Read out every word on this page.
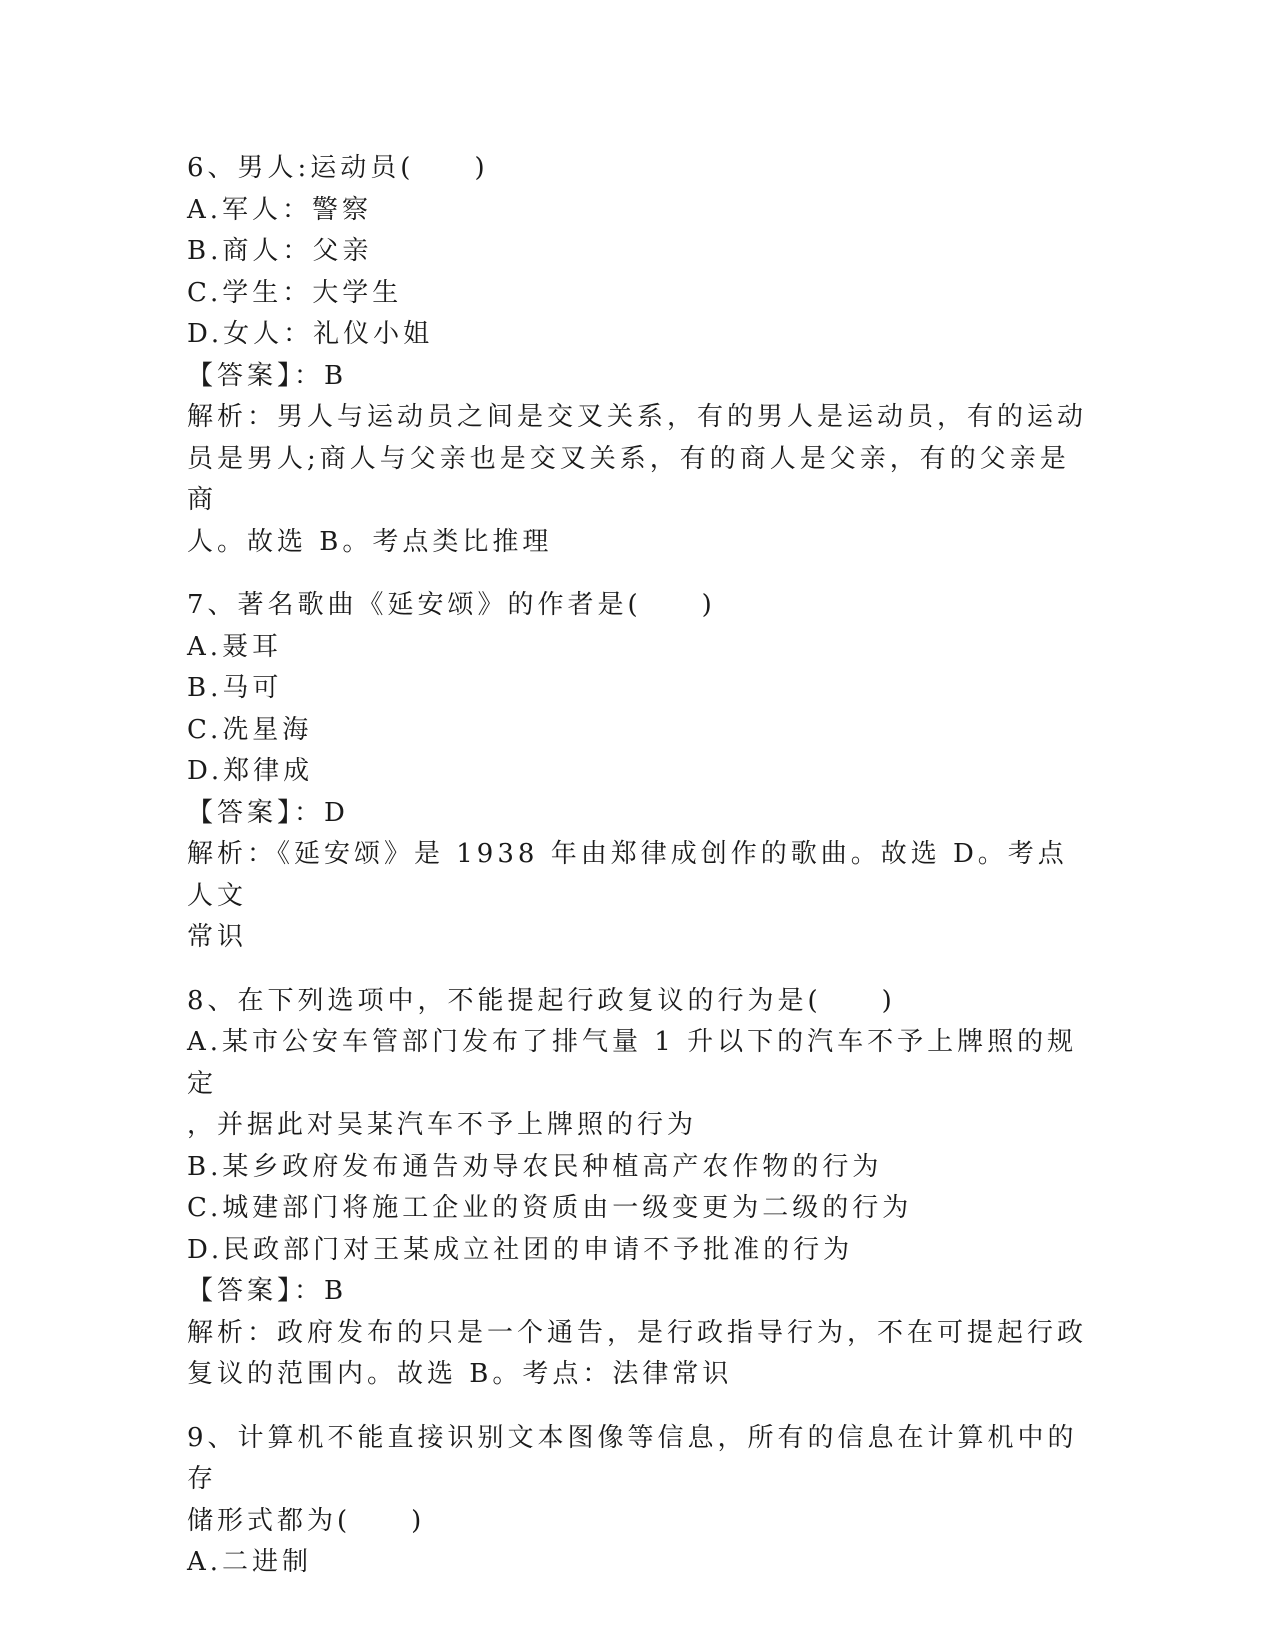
6、男人:运动员(　　)
A.军人：警察
B.商人：父亲
C.学生：大学生
D.女人：礼仪小姐
【答案】：B
解析：男人与运动员之间是交叉关系，有的男人是运动员，有的运动
员是男人;商人与父亲也是交叉关系，有的商人是父亲，有的父亲是商
人。故选 B。考点类比推理
7、著名歌曲《延安颂》的作者是(　　)
A.聂耳
B.马可
C.冼星海
D.郑律成
【答案】：D
解析：《延安颂》是 1938 年由郑律成创作的歌曲。故选 D。考点人文
常识
8、在下列选项中，不能提起行政复议的行为是(　　)
A.某市公安车管部门发布了排气量 1 升以下的汽车不予上牌照的规定
，并据此对吴某汽车不予上牌照的行为
B.某乡政府发布通告劝导农民种植高产农作物的行为
C.城建部门将施工企业的资质由一级变更为二级的行为
D.民政部门对王某成立社团的申请不予批准的行为
【答案】：B
解析：政府发布的只是一个通告，是行政指导行为，不在可提起行政
复议的范围内。故选 B。考点：法律常识
9、计算机不能直接识别文本图像等信息，所有的信息在计算机中的存
储形式都为(　　)
A.二进制
